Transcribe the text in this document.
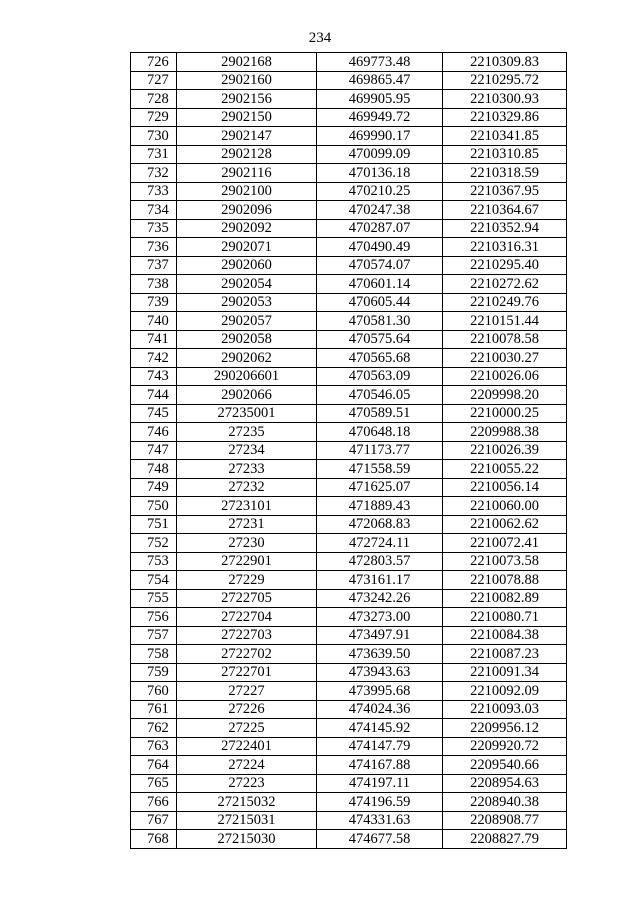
234
726	2902168	469773.48	2210309.83
727	2902160	469865.47	2210295.72
728	2902156	469905.95	2210300.93
729	2902150	469949.72	2210329.86
730	2902147	469990.17	2210341.85
731	2902128	470099.09	2210310.85
732	2902116	470136.18	2210318.59
733	2902100	470210.25	2210367.95
734	2902096	470247.38	2210364.67
735	2902092	470287.07	2210352.94
736	2902071	470490.49	2210316.31
737	2902060	470574.07	2210295.40
738	2902054	470601.14	2210272.62
739	2902053	470605.44	2210249.76
740	2902057	470581.30	2210151.44
741	2902058	470575.64	2210078.58
742	2902062	470565.68	2210030.27
743	290206601	470563.09	2210026.06
744	2902066	470546.05	2209998.20
745	27235001	470589.51	2210000.25
746	27235	470648.18	2209988.38
747	27234	471173.77	2210026.39
748	27233	471558.59	2210055.22
749	27232	471625.07	2210056.14
750	2723101	471889.43	2210060.00
751	27231	472068.83	2210062.62
752	27230	472724.11	2210072.41
753	2722901	472803.57	2210073.58
754	27229	473161.17	2210078.88
755	2722705	473242.26	2210082.89
756	2722704	473273.00	2210080.71
757	2722703	473497.91	2210084.38
758	2722702	473639.50	2210087.23
759	2722701	473943.63	2210091.34
760	27227	473995.68	2210092.09
761	27226	474024.36	2210093.03
762	27225	474145.92	2209956.12
763	2722401	474147.79	2209920.72
764	27224	474167.88	2209540.66
765	27223	474197.11	2208954.63
766	27215032	474196.59	2208940.38
767	27215031	474331.63	2208908.77
768	27215030	474677.58	2208827.79
